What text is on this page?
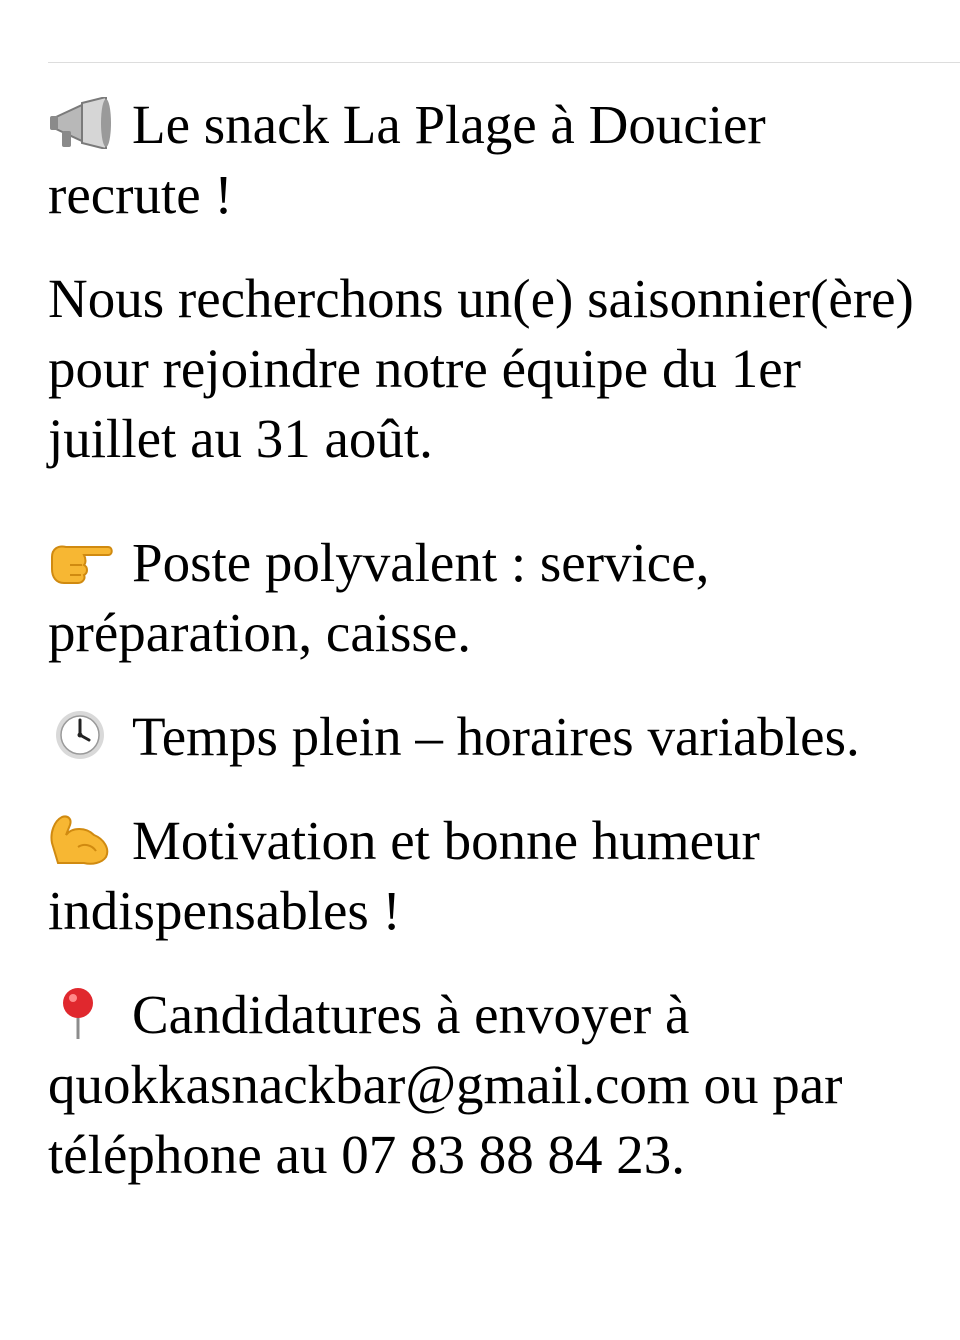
Le snack La Plage à Doucier recrute !

Nous recherchons un(e) saisonnier(ère) pour rejoindre notre équipe du 1er juillet au 31 août.

Poste polyvalent : service, préparation, caisse.

Temps plein – horaires variables.

Motivation et bonne humeur indispensables !

Candidatures à envoyer à quokkasnackbar@gmail.com ou par téléphone au 07 83 88 84 23.
